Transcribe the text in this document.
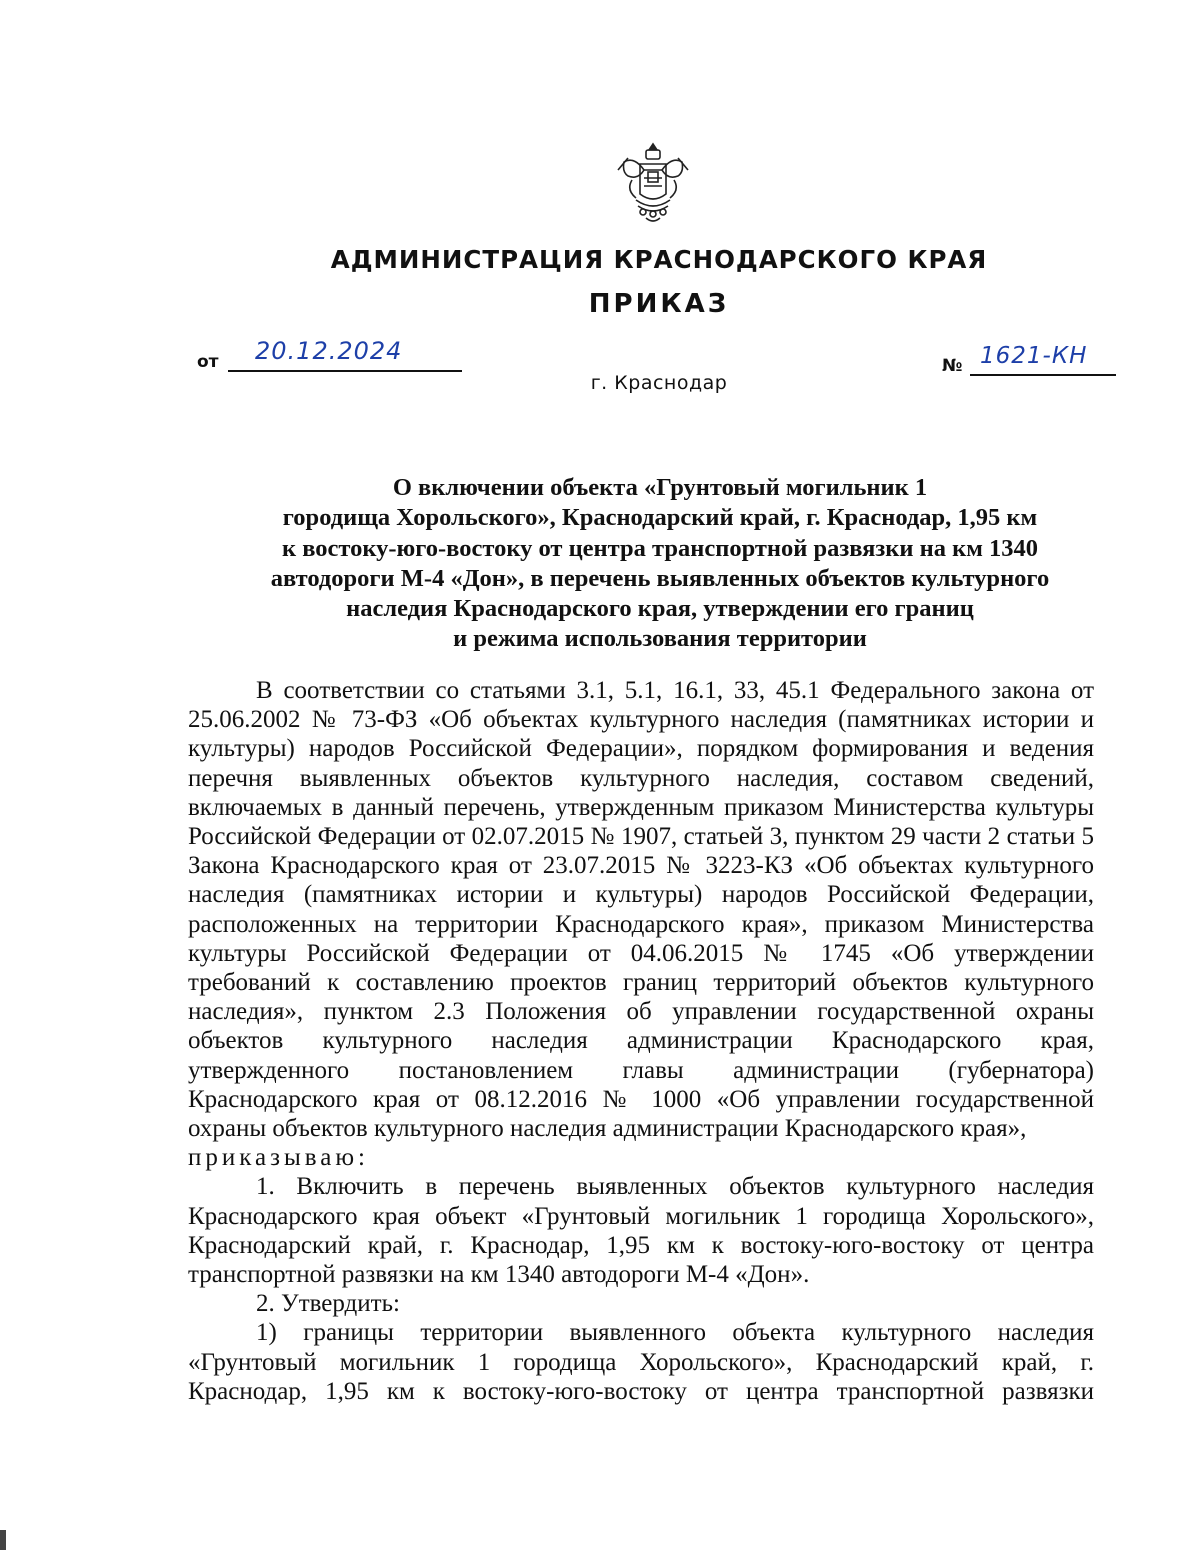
АДМИНИСТРАЦИЯ КРАСНОДАРСКОГО КРАЯ
ПРИКАЗ
от 20.12.2024
№ 1621-КН
г. Краснодар
О включении объекта «Грунтовый могильник 1
городища Хорольского», Краснодарский край, г. Краснодар, 1,95 км
к востоку-юго-востоку от центра транспортной развязки на км 1340
автодороги М-4 «Дон», в перечень выявленных объектов культурного
наследия Краснодарского края, утверждении его границ
и режима использования территории

В соответствии со статьями 3.1, 5.1, 16.1, 33, 45.1 Федерального закона от 25.06.2002 № 73-ФЗ «Об объектах культурного наследия (памятниках истории и культуры) народов Российской Федерации», порядком формирования и ведения перечня выявленных объектов культурного наследия, составом сведений, включаемых в данный перечень, утвержденным приказом Министерства культуры Российской Федерации от 02.07.2015 № 1907, статьей 3, пунктом 29 части 2 статьи 5 Закона Краснодарского края от 23.07.2015 № 3223-КЗ «Об объектах культурного наследия (памятниках истории и культуры) народов Российской Федерации, расположенных на территории Краснодарского края», приказом Министерства культуры Российской Федерации от 04.06.2015 № 1745 «Об утверждении требований к составлению проектов границ территорий объектов культурного наследия», пунктом 2.3 Положения об управлении государственной охраны объектов культурного наследия администрации Краснодарского края, утвержденного постановлением главы администрации (губернатора) Краснодарского края от 08.12.2016 № 1000 «Об управлении государственной охраны объектов культурного наследия администрации Краснодарского края»,

приказываю:

1. Включить в перечень выявленных объектов культурного наследия Краснодарского края объект «Грунтовый могильник 1 городища Хорольского», Краснодарский край, г. Краснодар, 1,95 км к востоку-юго-востоку от центра транспортной развязки на км 1340 автодороги М-4 «Дон».

2. Утвердить:

1) границы территории выявленного объекта культурного наследия «Грунтовый могильник 1 городища Хорольского», Краснодарский край, г. Краснодар, 1,95 км к востоку-юго-востоку от центра транспортной развязки
